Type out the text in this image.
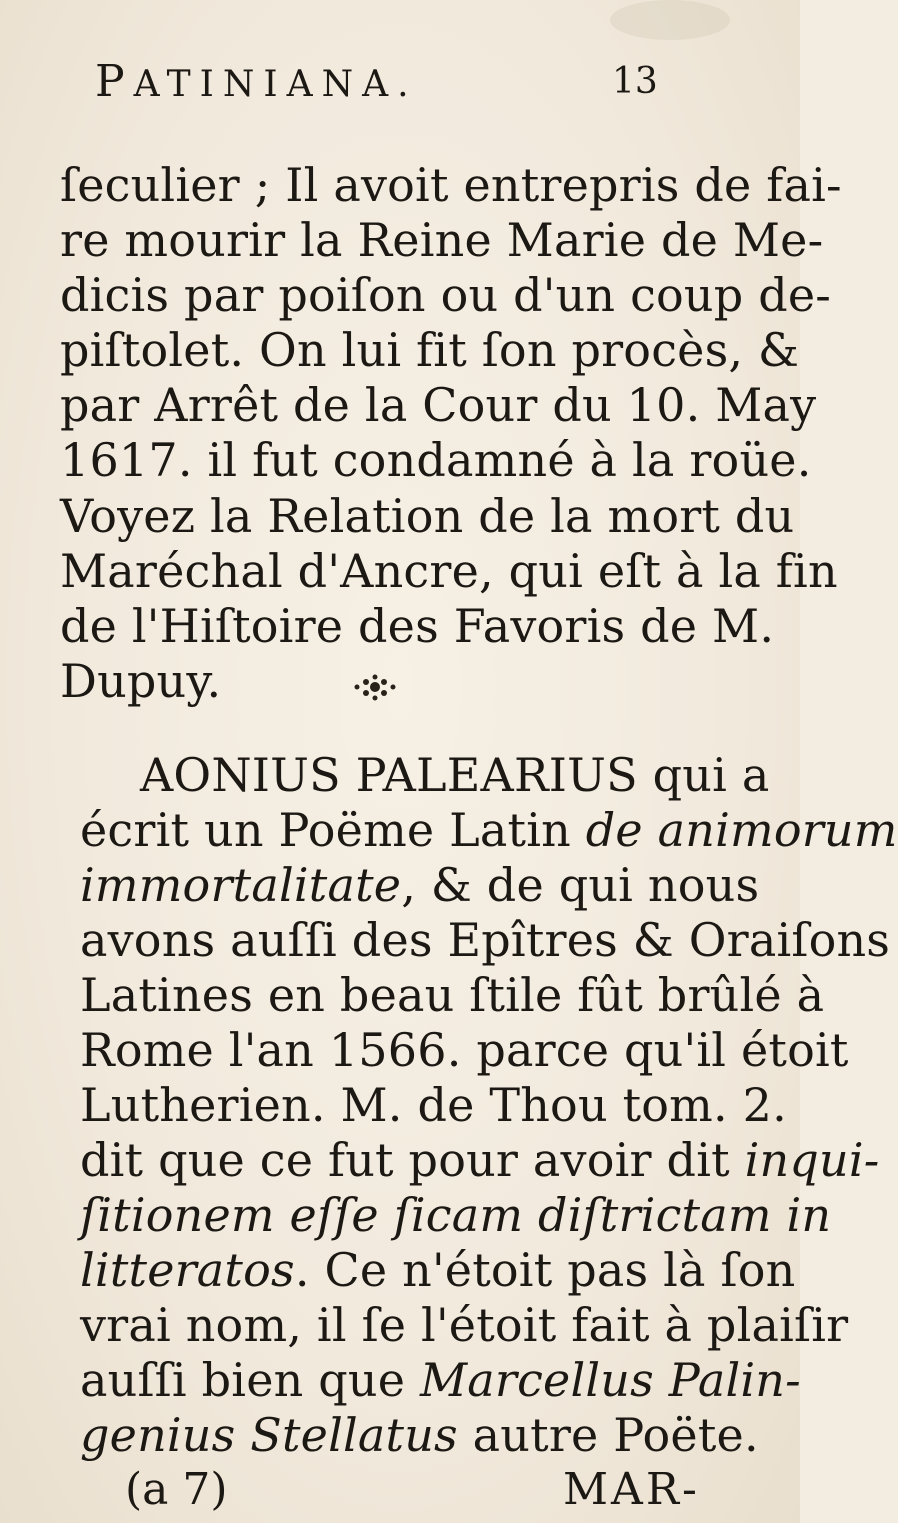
PATINIANA.	13
ſeculier ; Il avoit entrepris de fai-
re mourir la Reine Marie de Me-
dicis par poiſon ou d'un coup de-
piſtolet. On lui fit ſon procès, &
par Arrêt de la Cour du 10. May
1617. il fut condamné à la roüe.
Voyez la Relation de la mort du
Maréchal d'Ancre, qui eſt à la fin
de l'Hiſtoire des Favoris de M.
Dupuy.
AONIUS PALEARIUS qui a
écrit un Poëme Latin de animorum
immortalitate, & de qui nous
avons auſſi des Epîtres & Oraiſons
Latines en beau ſtile fût brûlé à
Rome l'an 1566. parce qu'il étoit
Lutherien. M. de Thou tom. 2.
dit que ce fut pour avoir dit inqui-
ſitionem eſſe ſicam diſtrictam in
litteratos. Ce n'étoit pas là ſon
vrai nom, il ſe l'étoit fait à plaiſir
auſſi bien que Marcellus Palin-
genius Stellatus autre Poëte.
(a 7)	MAR-
